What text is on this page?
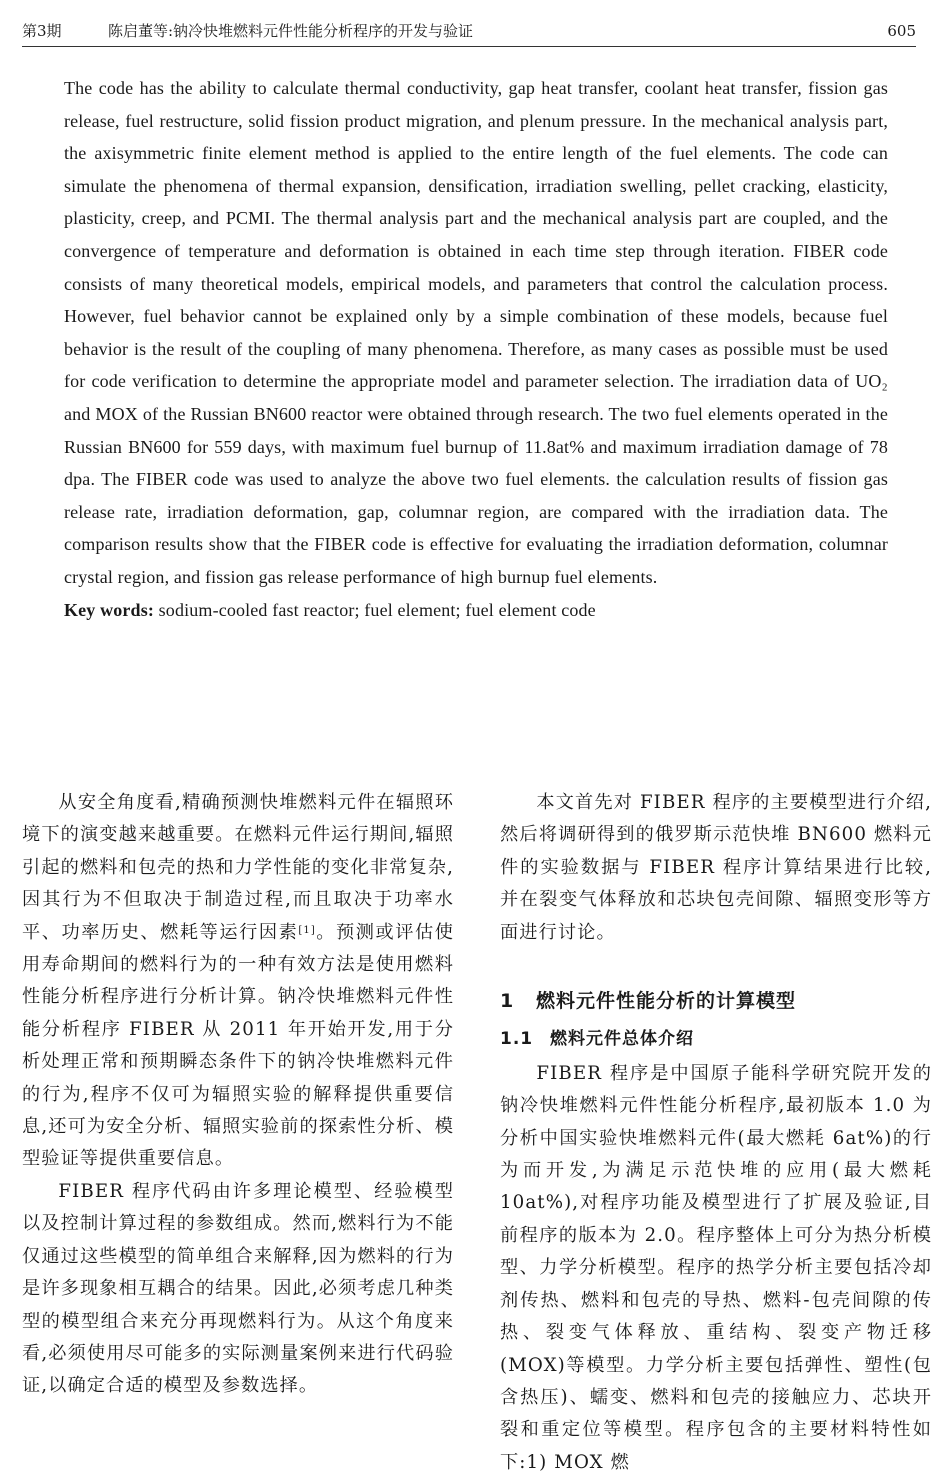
第3期	陈启董等:钠冷快堆燃料元件性能分析程序的开发与验证	605

The code has the ability to calculate thermal conductivity, gap heat transfer, coolant heat transfer, fission gas release, fuel restructure, solid fission product migration, and plenum pressure. In the mechanical analysis part, the axisymmetric finite element method is applied to the entire length of the fuel elements. The code can simulate the phenomena of thermal expansion, densification, irradiation swelling, pellet cracking, elasticity, plasticity, creep, and PCMI. The thermal analysis part and the mechanical analysis part are coupled, and the convergence of temperature and deformation is obtained in each time step through iteration. FIBER code consists of many theoretical models, empirical models, and parameters that control the calculation process. However, fuel behavior cannot be explained only by a simple combination of these models, because fuel behavior is the result of the coupling of many phenomena. Therefore, as many cases as possible must be used for code verification to determine the appropriate model and parameter selection. The irradiation data of UO₂ and MOX of the Russian BN600 reactor were obtained through research. The two fuel elements operated in the Russian BN600 for 559 days, with maximum fuel burnup of 11.8at% and maximum irradiation damage of 78 dpa. The FIBER code was used to analyze the above two fuel elements. the calculation results of fission gas release rate, irradiation deformation, gap, columnar region, are compared with the irradiation data. The comparison results show that the FIBER code is effective for evaluating the irradiation deformation, columnar crystal region, and fission gas release performance of high burnup fuel elements.

Key words: sodium-cooled fast reactor; fuel element; fuel element code

从安全角度看,精确预测快堆燃料元件在辐照环境下的演变越来越重要。在燃料元件运行期间,辐照引起的燃料和包壳的热和力学性能的变化非常复杂,因其行为不但取决于制造过程,而且取决于功率水平、功率历史、燃耗等运行因素[1]。预测或评估使用寿命期间的燃料行为的一种有效方法是使用燃料性能分析程序进行分析计算。钠冷快堆燃料元件性能分析程序 FIBER 从 2011 年开始开发,用于分析处理正常和预期瞬态条件下的钠冷快堆燃料元件的行为,程序不仅可为辐照实验的解释提供重要信息,还可为安全分析、辐照实验前的探索性分析、模型验证等提供重要信息。

FIBER 程序代码由许多理论模型、经验模型以及控制计算过程的参数组成。然而,燃料行为不能仅通过这些模型的简单组合来解释,因为燃料的行为是许多现象相互耦合的结果。因此,必须考虑几种类型的模型组合来充分再现燃料行为。从这个角度来看,必须使用尽可能多的实际测量案例来进行代码验证,以确定合适的模型及参数选择。

本文首先对 FIBER 程序的主要模型进行介绍,然后将调研得到的俄罗斯示范快堆 BN600 燃料元件的实验数据与 FIBER 程序计算结果进行比较,并在裂变气体释放和芯块包壳间隙、辐照变形等方面进行讨论。

1 燃料元件性能分析的计算模型
1.1 燃料元件总体介绍

FIBER 程序是中国原子能科学研究院开发的钠冷快堆燃料元件性能分析程序,最初版本 1.0 为分析中国实验快堆燃料元件(最大燃耗 6at%)的行为而开发,为满足示范快堆的应用(最大燃耗 10at%),对程序功能及模型进行了扩展及验证,目前程序的版本为 2.0。程序整体上可分为热分析模型、力学分析模型。程序的热学分析主要包括冷却剂传热、燃料和包壳的导热、燃料-包壳间隙的传热、裂变气体释放、重结构、裂变产物迁移(MOX)等模型。力学分析主要包括弹性、塑性(包含热压)、蠕变、燃料和包壳的接触应力、芯块开裂和重定位等模型。程序包含的主要材料特性如下:1) MOX 燃
